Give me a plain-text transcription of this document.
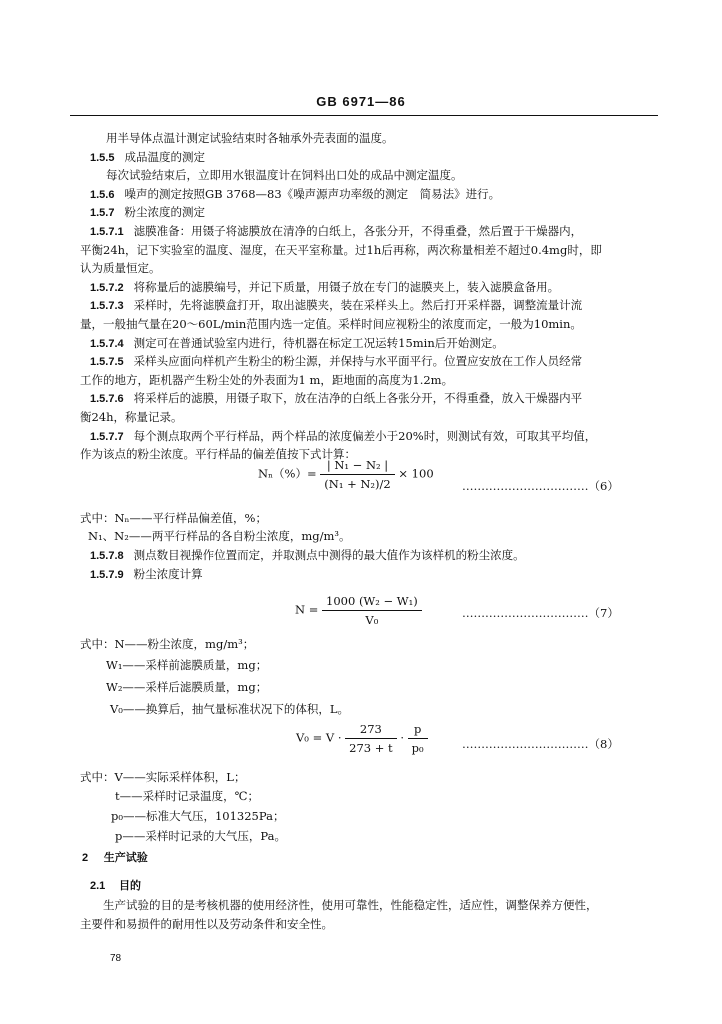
GB 6971—86
用半导体点温计测定试验结束时各轴承外壳表面的温度。
1.5.5 成品温度的测定
每次试验结束后，立即用水银温度计在饲料出口处的成品中测定温度。
1.5.6 噪声的测定按照GB 3768—83《噪声源声功率级的测定　简易法》进行。
1.5.7 粉尘浓度的测定
1.5.7.1 滤膜准备：用镊子将滤膜放在清净的白纸上，各张分开，不得重叠，然后置于干燥器内，
平衡24h，记下实验室的温度、湿度，在天平室称量。过1h后再称，两次称量相差不超过0.4mg时，即
认为质量恒定。
1.5.7.2 将称量后的滤膜编号，并记下质量，用镊子放在专门的滤膜夹上，装入滤膜盒备用。
1.5.7.3 采样时，先将滤膜盒打开，取出滤膜夹，装在采样头上。然后打开采样器，调整流量计流
量，一般抽气量在20～60L/min范围内选一定值。采样时间应视粉尘的浓度而定，一般为10min。
1.5.7.4 测定可在普通试验室内进行，待机器在标定工况运转15min后开始测定。
1.5.7.5 采样头应面向样机产生粉尘的粉尘源，并保持与水平面平行。位置应安放在工作人员经常
工作的地方，距机器产生粉尘处的外表面为1 m，距地面的高度为1.2m。
1.5.7.6 将采样后的滤膜，用镊子取下，放在洁净的白纸上各张分开，不得重叠，放入干燥器内平
衡24h，称量记录。
1.5.7.7 每个测点取两个平行样品，两个样品的浓度偏差小于20%时，则测试有效，可取其平均值，
作为该点的粉尘浓度。平行样品的偏差值按下式计算：
$N_n(\%)= \frac{\text{| N₁ − N₂ |}}{\text{(N₁ + N₂)/2}} \times 100$
……………………………（6）
式中：Nₙ——平行样品偏差值，%；
N₁、N₂——两平行样品的各自粉尘浓度，mg/m³。
1.5.7.8 测点数目视操作位置而定，并取测点中测得的最大值作为该样机的粉尘浓度。
1.5.7.9 粉尘浓度计算
$N = \frac{\text{1000 (W₂ − W₁)}}{\text{V₀}}$	……………………………（7）
式中：N——粉尘浓度，mg/m³；
W₁——采样前滤膜质量，mg；
W₂——采样后滤膜质量，mg；
V₀——换算后，抽气量标准状况下的体积，L。
$V_0 = V \cdot \frac{273}{273 + t} \cdot \frac{p}{\text{p₀}}$	……………………………（8）
式中：V——实际采样体积，L；
t——采样时记录温度，℃；
p₀——标准大气压，101325Pa；
p——采样时记录的大气压，Pa。
2 生产试验
2.1 目的
生产试验的目的是考核机器的使用经济性，使用可靠性，性能稳定性，适应性，调整保养方便性，
主要件和易损件的耐用性以及劳动条件和安全性。
78
